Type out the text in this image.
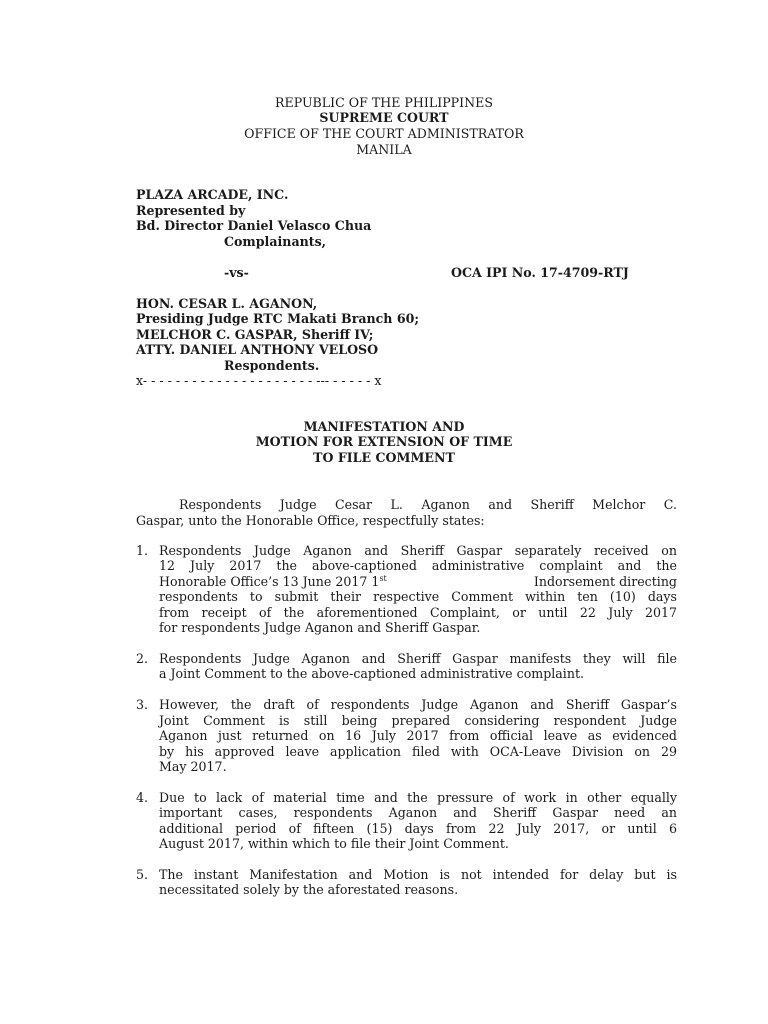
REPUBLIC OF THE PHILIPPINES
SUPREME COURT
OFFICE OF THE COURT ADMINISTRATOR
MANILA
PLAZA ARCADE, INC.
Represented by
Bd. Director Daniel Velasco Chua
Complainants,
-vs-	OCA IPI No. 17-4709-RTJ
HON. CESAR L. AGANON,
Presiding Judge RTC Makati Branch 60;
MELCHOR C. GASPAR, Sheriff IV;
ATTY. DANIEL ANTHONY VELOSO
Respondents.
x- - - - - - - - - - - - - - - - - - - - - --- - - - - - x
MANIFESTATION AND
MOTION FOR EXTENSION OF TIME
TO FILE COMMENT
Respondents Judge Cesar L. Aganon and Sheriff Melchor C.
Gaspar, unto the Honorable Office, respectfully states:
1. Respondents Judge Aganon and Sheriff Gaspar separately received on
12 July 2017 the above-captioned administrative complaint and the
Honorable Office’s 13 June 2017 1st	Indorsement directing
respondents to submit their respective Comment within ten (10) days
from receipt of the aforementioned Complaint, or until 22 July 2017
for respondents Judge Aganon and Sheriff Gaspar.
2. Respondents Judge Aganon and Sheriff Gaspar manifests they will file
a Joint Comment to the above-captioned administrative complaint.
3. However, the draft of respondents Judge Aganon and Sheriff Gaspar’s
Joint Comment is still being prepared considering respondent Judge
Aganon just returned on 16 July 2017 from official leave as evidenced
by his approved leave application filed with OCA-Leave Division on 29
May 2017.
4. Due to lack of material time and the pressure of work in other equally
important cases, respondents Aganon and Sheriff Gaspar need an
additional period of fifteen (15) days from 22 July 2017, or until 6
August 2017, within which to file their Joint Comment.
5. The instant Manifestation and Motion is not intended for delay but is
necessitated solely by the aforestated reasons.
